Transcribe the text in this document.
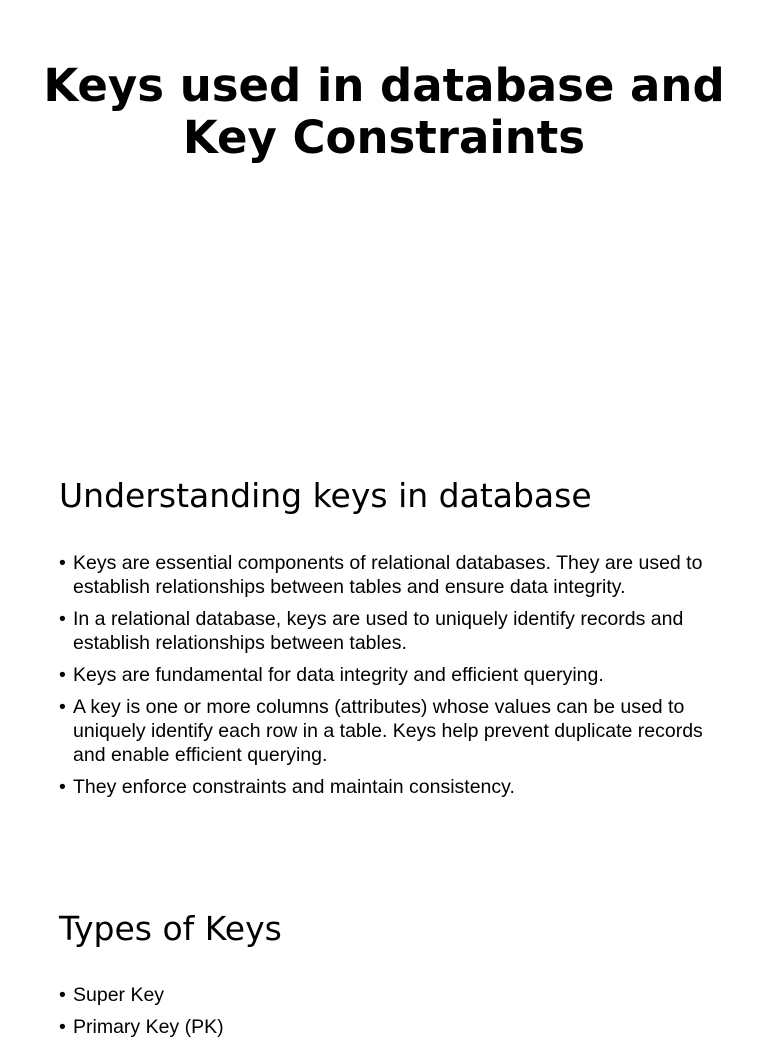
Keys used in database and Key Constraints
Understanding keys in database
• Keys are essential components of relational databases. They are used to establish relationships between tables and ensure data integrity.
• In a relational database, keys are used to uniquely identify records and establish relationships between tables.
• Keys are fundamental for data integrity and efficient querying.
• A key is one or more columns (attributes) whose values can be used to uniquely identify each row in a table. Keys help prevent duplicate records and enable efficient querying.
• They enforce constraints and maintain consistency.
Types of Keys
• Super Key
• Primary Key (PK)
